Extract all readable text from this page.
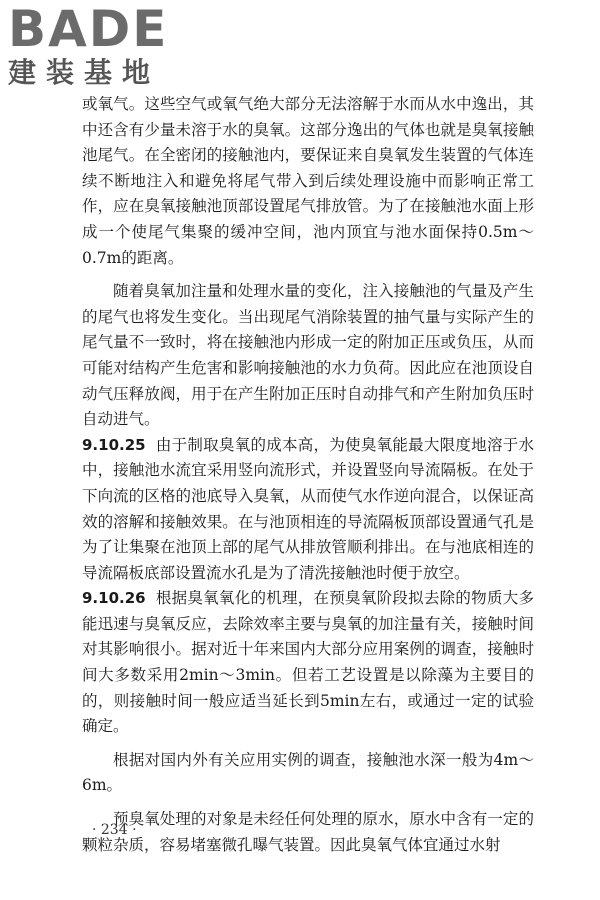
BADE
建装基地

或氧气。这些空气或氧气绝大部分无法溶解于水而从水中逸出，其中还含有少量未溶于水的臭氧。这部分逸出的气体也就是臭氧接触池尾气。在全密闭的接触池内，要保证来自臭氧发生装置的气体连续不断地注入和避免将尾气带入到后续处理设施中而影响正常工作，应在臭氧接触池顶部设置尾气排放管。为了在接触池水面上形成一个使尾气集聚的缓冲空间，池内顶宜与池水面保持0.5m～0.7m的距离。

随着臭氧加注量和处理水量的变化，注入接触池的气量及产生的尾气也将发生变化。当出现尾气消除装置的抽气量与实际产生的尾气量不一致时，将在接触池内形成一定的附加正压或负压，从而可能对结构产生危害和影响接触池的水力负荷。因此应在池顶设自动气压释放阀，用于在产生附加正压时自动排气和产生附加负压时自动进气。

9.10.25 由于制取臭氧的成本高，为使臭氧能最大限度地溶于水中，接触池水流宜采用竖向流形式，并设置竖向导流隔板。在处于下向流的区格的池底导入臭氧，从而使气水作逆向混合，以保证高效的溶解和接触效果。在与池顶相连的导流隔板顶部设置通气孔是为了让集聚在池顶上部的尾气从排放管顺利排出。在与池底相连的导流隔板底部设置流水孔是为了清洗接触池时便于放空。

9.10.26 根据臭氧氧化的机理，在预臭氧阶段拟去除的物质大多能迅速与臭氧反应，去除效率主要与臭氧的加注量有关，接触时间对其影响很小。据对近十年来国内大部分应用案例的调查，接触时间大多数采用2min～3min。但若工艺设置是以除藻为主要目的的，则接触时间一般应适当延长到5min左右，或通过一定的试验确定。

根据对国内外有关应用实例的调查，接触池水深一般为4m～6m。

预臭氧处理的对象是未经任何处理的原水，原水中含有一定的颗粒杂质，容易堵塞微孔曝气装置。因此臭氧气体宜通过水射

· 234 ·
